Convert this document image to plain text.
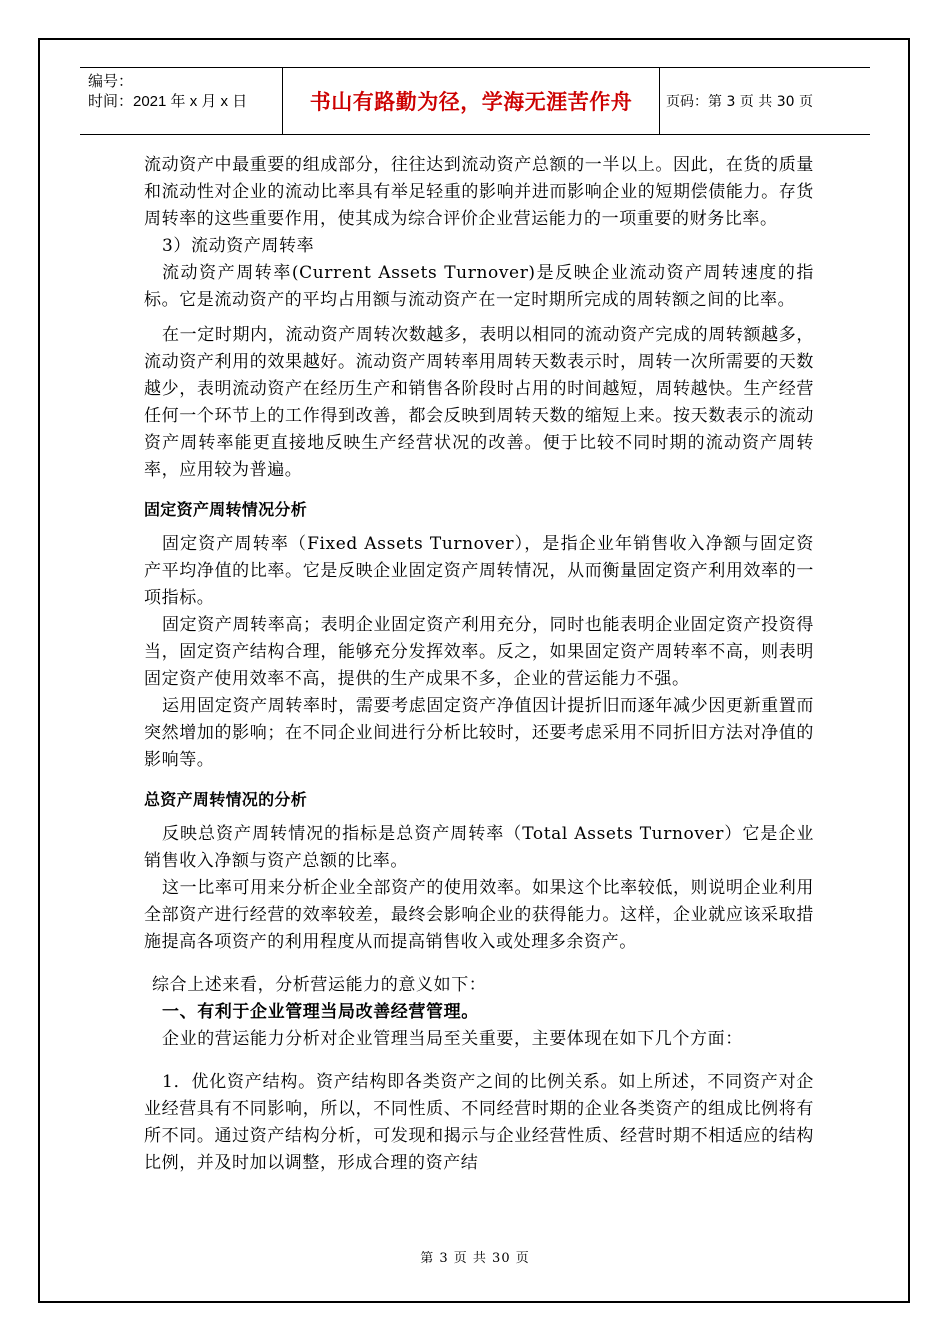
编号：
时间：2021 年 x 月 x 日	书山有路勤为径，学海无涯苦作舟	页码：第 3 页 共 30 页

流动资产中最重要的组成部分，往往达到流动资产总额的一半以上。因此，在货的质量和流动性对企业的流动比率具有举足轻重的影响并进而影响企业的短期偿债能力。存货周转率的这些重要作用，使其成为综合评价企业营运能力的一项重要的财务比率。

3）流动资产周转率

流动资产周转率(Current Assets Turnover)是反映企业流动资产周转速度的指标。它是流动资产的平均占用额与流动资产在一定时期所完成的周转额之间的比率。

在一定时期内，流动资产周转次数越多，表明以相同的流动资产完成的周转额越多，流动资产利用的效果越好。流动资产周转率用周转天数表示时，周转一次所需要的天数越少，表明流动资产在经历生产和销售各阶段时占用的时间越短，周转越快。生产经营任何一个环节上的工作得到改善，都会反映到周转天数的缩短上来。按天数表示的流动资产周转率能更直接地反映生产经营状况的改善。便于比较不同时期的流动资产周转率，应用较为普遍。

固定资产周转情况分析

固定资产周转率（Fixed Assets Turnover），是指企业年销售收入净额与固定资产平均净值的比率。它是反映企业固定资产周转情况，从而衡量固定资产利用效率的一项指标。

固定资产周转率高；表明企业固定资产利用充分，同时也能表明企业固定资产投资得当，固定资产结构合理，能够充分发挥效率。反之，如果固定资产周转率不高，则表明固定资产使用效率不高，提供的生产成果不多，企业的营运能力不强。

运用固定资产周转率时，需要考虑固定资产净值因计提折旧而逐年减少因更新重置而突然增加的影响；在不同企业间进行分析比较时，还要考虑采用不同折旧方法对净值的影响等。

总资产周转情况的分析

反映总资产周转情况的指标是总资产周转率（Total Assets Turnover）它是企业销售收入净额与资产总额的比率。

这一比率可用来分析企业全部资产的使用效率。如果这个比率较低，则说明企业利用全部资产进行经营的效率较差，最终会影响企业的获得能力。这样，企业就应该采取措施提高各项资产的利用程度从而提高销售收入或处理多余资产。

综合上述来看，分析营运能力的意义如下：

一、有利于企业管理当局改善经营管理。

企业的营运能力分析对企业管理当局至关重要，主要体现在如下几个方面：

1．优化资产结构。资产结构即各类资产之间的比例关系。如上所述，不同资产对企业经营具有不同影响，所以，不同性质、不同经营时期的企业各类资产的组成比例将有所不同。通过资产结构分析，可发现和揭示与企业经营性质、经营时期不相适应的结构比例，并及时加以调整，形成合理的资产结

第 3 页 共 30 页
